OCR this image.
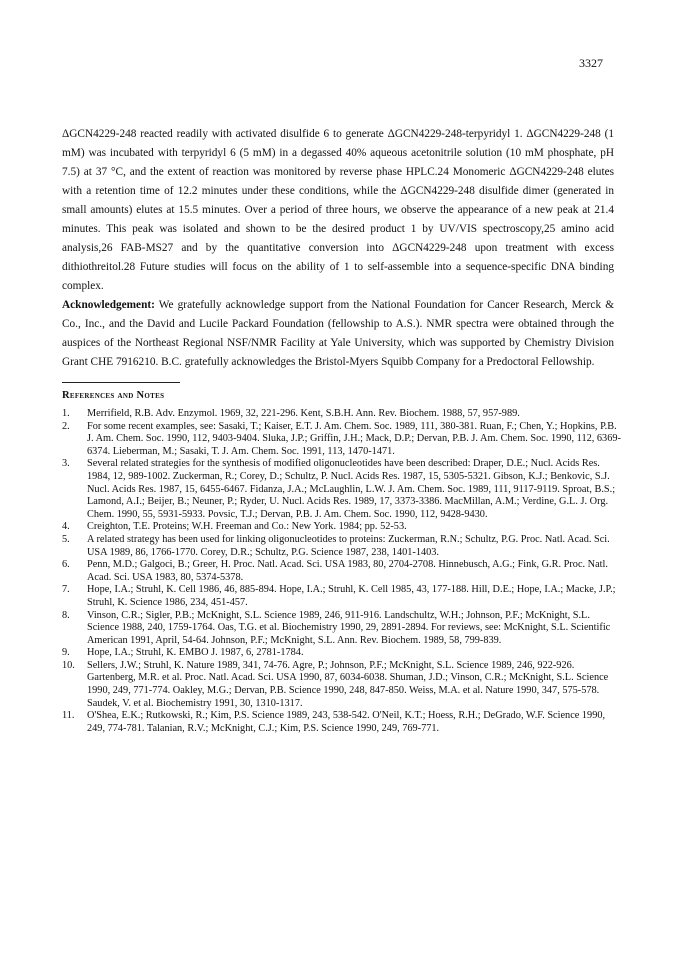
3327

ΔGCN4229-248 reacted readily with activated disulfide 6 to generate ΔGCN4229-248-terpyridyl 1. ΔGCN4229-248 (1 mM) was incubated with terpyridyl 6 (5 mM) in a degassed 40% aqueous acetonitrile solution (10 mM phosphate, pH 7.5) at 37 °C, and the extent of reaction was monitored by reverse phase HPLC.24 Monomeric ΔGCN4229-248 elutes with a retention time of 12.2 minutes under these conditions, while the ΔGCN4229-248 disulfide dimer (generated in small amounts) elutes at 15.5 minutes. Over a period of three hours, we observe the appearance of a new peak at 21.4 minutes. This peak was isolated and shown to be the desired product 1 by UV/VIS spectroscopy,25 amino acid analysis,26 FAB-MS27 and by the quantitative conversion into ΔGCN4229-248 upon treatment with excess dithiothreitol.28 Future studies will focus on the ability of 1 to self-assemble into a sequence-specific DNA binding complex.

Acknowledgement: We gratefully acknowledge support from the National Foundation for Cancer Research, Merck & Co., Inc., and the David and Lucile Packard Foundation (fellowship to A.S.). NMR spectra were obtained through the auspices of the Northeast Regional NSF/NMR Facility at Yale University, which was supported by Chemistry Division Grant CHE 7916210. B.C. gratefully acknowledges the Bristol-Myers Squibb Company for a Predoctoral Fellowship.

References and Notes
1.	Merrifield, R.B. Adv. Enzymol. 1969, 32, 221-296. Kent, S.B.H. Ann. Rev. Biochem. 1988, 57, 957-989.
2.	For some recent examples, see: Sasaki, T.; Kaiser, E.T. J. Am. Chem. Soc. 1989, 111, 380-381. Ruan, F.; Chen, Y.; Hopkins, P.B. J. Am. Chem. Soc. 1990, 112, 9403-9404. Sluka, J.P.; Griffin, J.H.; Mack, D.P.; Dervan, P.B. J. Am. Chem. Soc. 1990, 112, 6369-6374. Lieberman, M.; Sasaki, T. J. Am. Chem. Soc. 1991, 113, 1470-1471.
3.	Several related strategies for the synthesis of modified oligonucleotides have been described: Draper, D.E.; Nucl. Acids Res. 1984, 12, 989-1002. Zuckerman, R.; Corey, D.; Schultz, P. Nucl. Acids Res. 1987, 15, 5305-5321. Gibson, K.J.; Benkovic, S.J. Nucl. Acids Res. 1987, 15, 6455-6467. Fidanza, J.A.; McLaughlin, L.W. J. Am. Chem. Soc. 1989, 111, 9117-9119. Sproat, B.S.; Lamond, A.I.; Beijer, B.; Neuner, P.; Ryder, U. Nucl. Acids Res. 1989, 17, 3373-3386. MacMillan, A.M.; Verdine, G.L. J. Org. Chem. 1990, 55, 5931-5933. Povsic, T.J.; Dervan, P.B. J. Am. Chem. Soc. 1990, 112, 9428-9430.
4.	Creighton, T.E. Proteins; W.H. Freeman and Co.: New York. 1984; pp. 52-53.
5.	A related strategy has been used for linking oligonucleotides to proteins: Zuckerman, R.N.; Schultz, P.G. Proc. Natl. Acad. Sci. USA 1989, 86, 1766-1770. Corey, D.R.; Schultz, P.G. Science 1987, 238, 1401-1403.
6.	Penn, M.D.; Galgoci, B.; Greer, H. Proc. Natl. Acad. Sci. USA 1983, 80, 2704-2708. Hinnebusch, A.G.; Fink, G.R. Proc. Natl. Acad. Sci. USA 1983, 80, 5374-5378.
7.	Hope, I.A.; Struhl, K. Cell 1986, 46, 885-894. Hope, I.A.; Struhl, K. Cell 1985, 43, 177-188. Hill, D.E.; Hope, I.A.; Macke, J.P.; Struhl, K. Science 1986, 234, 451-457.
8.	Vinson, C.R.; Sigler, P.B.; McKnight, S.L. Science 1989, 246, 911-916. Landschultz, W.H.; Johnson, P.F.; McKnight, S.L. Science 1988, 240, 1759-1764. Oas, T.G. et al. Biochemistry 1990, 29, 2891-2894. For reviews, see: McKnight, S.L. Scientific American 1991, April, 54-64. Johnson, P.F.; McKnight, S.L. Ann. Rev. Biochem. 1989, 58, 799-839.
9.	Hope, I.A.; Struhl, K. EMBO J. 1987, 6, 2781-1784.
10.	Sellers, J.W.; Struhl, K. Nature 1989, 341, 74-76. Agre, P.; Johnson, P.F.; McKnight, S.L. Science 1989, 246, 922-926. Gartenberg, M.R. et al. Proc. Natl. Acad. Sci. USA 1990, 87, 6034-6038. Shuman, J.D.; Vinson, C.R.; McKnight, S.L. Science 1990, 249, 771-774. Oakley, M.G.; Dervan, P.B. Science 1990, 248, 847-850. Weiss, M.A. et al. Nature 1990, 347, 575-578. Saudek, V. et al. Biochemistry 1991, 30, 1310-1317.
11.	O'Shea, E.K.; Rutkowski, R.; Kim, P.S. Science 1989, 243, 538-542. O'Neil, K.T.; Hoess, R.H.; DeGrado, W.F. Science 1990, 249, 774-781. Talanian, R.V.; McKnight, C.J.; Kim, P.S. Science 1990, 249, 769-771.
